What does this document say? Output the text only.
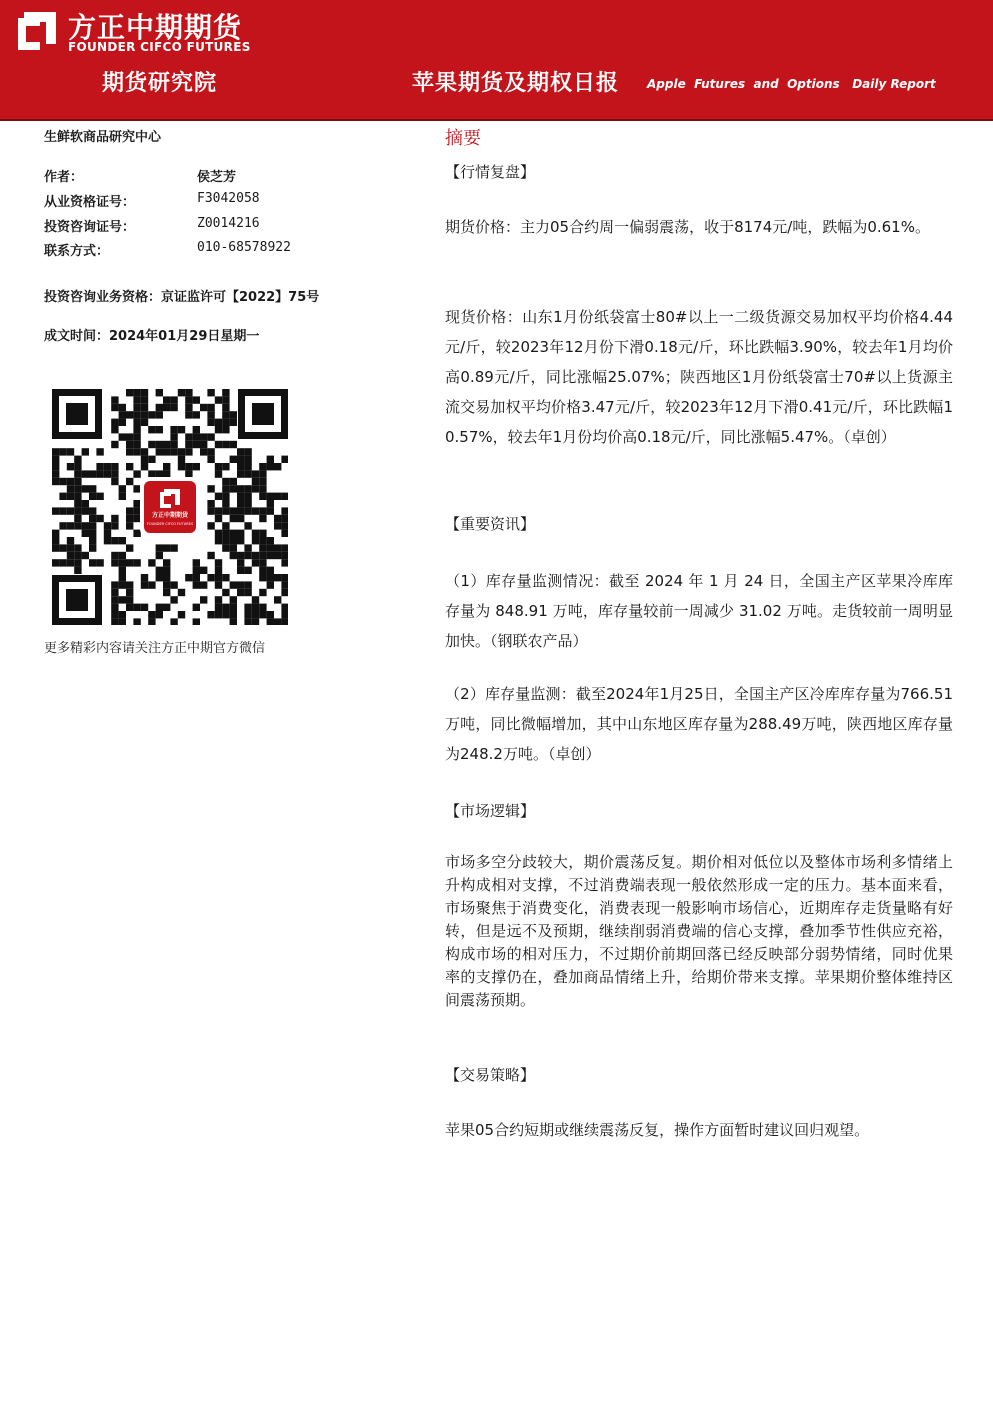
方正中期期货
FOUNDER CIFCO FUTURES
期货研究院	苹果期货及期权日报 Apple  Futures  and  Options   Daily Report
生鲜软商品研究中心
作者：	侯芝芳
从业资格证号：	F3042058
投资咨询证号：	Z0014216
联系方式：	010-68578922
投资咨询业务资格：京证监许可【2022】75号
成文时间：2024年01月29日星期一
方正中期期货
FOUNDER CIFCO FUTURES
更多精彩内容请关注方正中期官方微信
摘要
【行情复盘】

期货价格：主力05合约周一偏弱震荡，收于8174元/吨，跌幅为0.61%。

现货价格：山东1月份纸袋富士80#以上一二级货源交易加权平均价格4.44元/斤，较2023年12月份下滑0.18元/斤，环比跌幅3.90%，较去年1月均价高0.89元/斤，同比涨幅25.07%；陕西地区1月份纸袋富士70#以上货源主流交易加权平均价格3.47元/斤，较2023年12月下滑0.41元/斤，环比跌幅10.57%，较去年1月份均价高0.18元/斤，同比涨幅5.47%。（卓创）

【重要资讯】

（1）库存量监测情况：截至 2024 年 1 月 24 日，全国主产区苹果冷库库存量为 848.91 万吨，库存量较前一周减少 31.02 万吨。走货较前一周明显加快。（钢联农产品）

（2）库存量监测：截至2024年1月25日，全国主产区冷库库存量为766.51万吨，同比微幅增加，其中山东地区库存量为288.49万吨，陕西地区库存量为248.2万吨。（卓创）

【市场逻辑】

市场多空分歧较大，期价震荡反复。期价相对低位以及整体市场利多情绪上升构成相对支撑，不过消费端表现一般依然形成一定的压力。基本面来看，市场聚焦于消费变化，消费表现一般影响市场信心，近期库存走货量略有好转，但是远不及预期，继续削弱消费端的信心支撑，叠加季节性供应充裕，构成市场的相对压力，不过期价前期回落已经反映部分弱势情绪，同时优果率的支撑仍在，叠加商品情绪上升，给期价带来支撑。苹果期价整体维持区间震荡预期。

【交易策略】

苹果05合约短期或继续震荡反复，操作方面暂时建议回归观望。
